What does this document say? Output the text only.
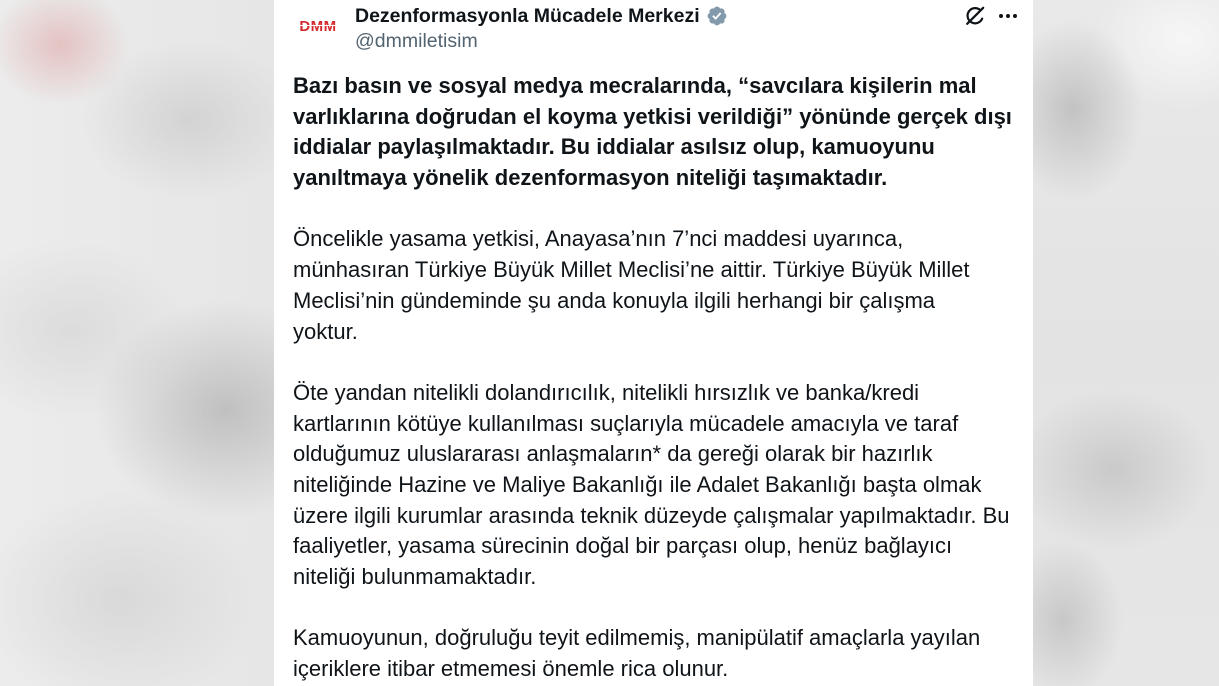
DMM Dezenformasyonla Mücadele Merkezi
@dmmiletisim

Bazı basın ve sosyal medya mecralarında, “savcılara kişilerin mal
varlıklarına doğrudan el koyma yetkisi verildiği” yönünde gerçek dışı
iddialar paylaşılmaktadır. Bu iddialar asılsız olup, kamuoyunu
yanıltmaya yönelik dezenformasyon niteliği taşımaktadır.

Öncelikle yasama yetkisi, Anayasa’nın 7’nci maddesi uyarınca,
münhasıran Türkiye Büyük Millet Meclisi’ne aittir. Türkiye Büyük Millet
Meclisi’nin gündeminde şu anda konuyla ilgili herhangi bir çalışma
yoktur.

Öte yandan nitelikli dolandırıcılık, nitelikli hırsızlık ve banka/kredi
kartlarının kötüye kullanılması suçlarıyla mücadele amacıyla ve taraf
olduğumuz uluslararası anlaşmaların* da gereği olarak bir hazırlık
niteliğinde Hazine ve Maliye Bakanlığı ile Adalet Bakanlığı başta olmak
üzere ilgili kurumlar arasında teknik düzeyde çalışmalar yapılmaktadır. Bu
faaliyetler, yasama sürecinin doğal bir parçası olup, henüz bağlayıcı
niteliği bulunmamaktadır.

Kamuoyunun, doğruluğu teyit edilmemiş, manipülatif amaçlarla yayılan
içeriklere itibar etmemesi önemle rica olunur.
